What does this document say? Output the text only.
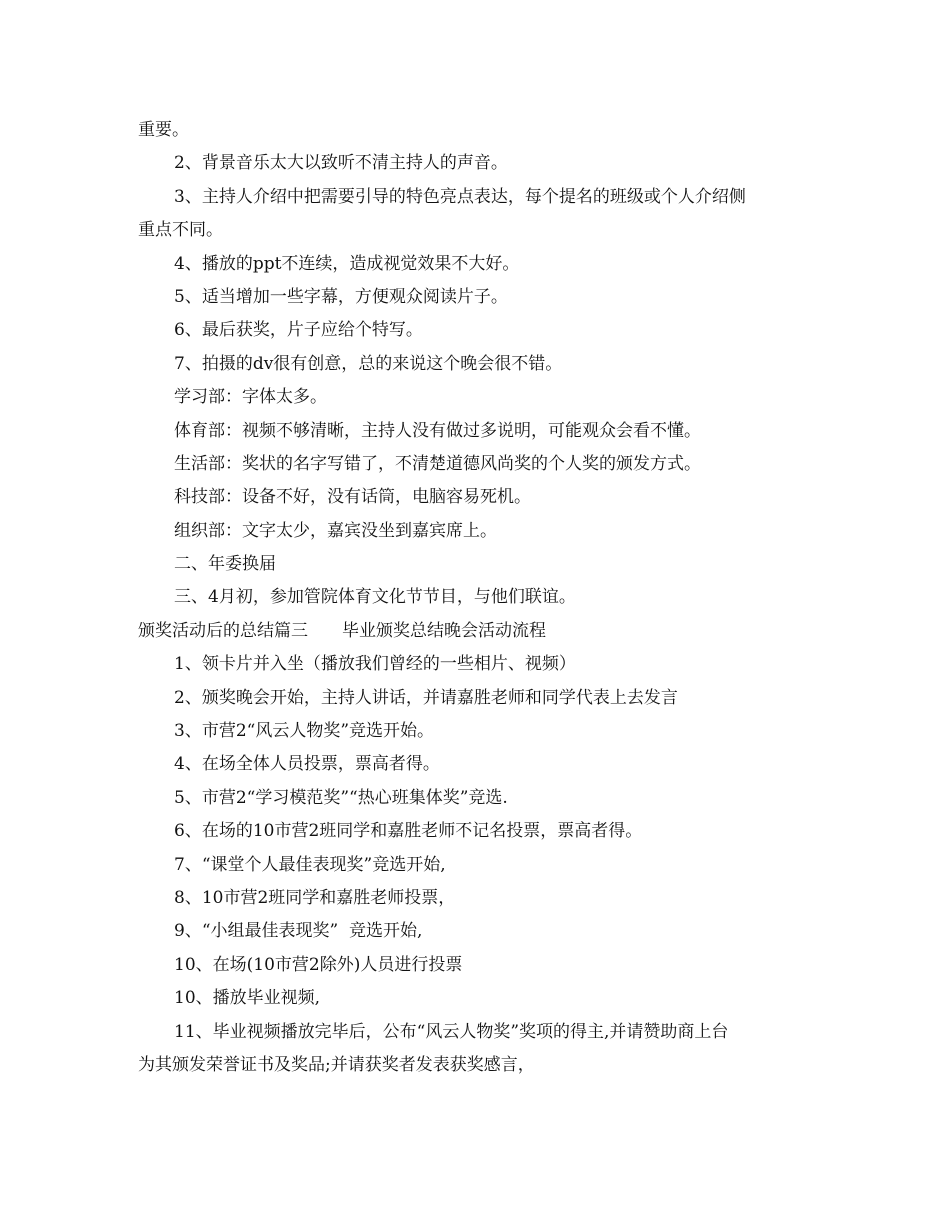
重要。
2、背景音乐太大以致听不清主持人的声音。
3、主持人介绍中把需要引导的特色亮点表达，每个提名的班级或个人介绍侧
重点不同。
4、播放的ppt不连续，造成视觉效果不大好。
5、适当增加一些字幕，方便观众阅读片子。
6、最后获奖，片子应给个特写。
7、拍摄的dv很有创意，总的来说这个晚会很不错。
学习部：字体太多。
体育部：视频不够清晰，主持人没有做过多说明，可能观众会看不懂。
生活部：奖状的名字写错了，不清楚道德风尚奖的个人奖的颁发方式。
科技部：设备不好，没有话筒，电脑容易死机。
组织部：文字太少，嘉宾没坐到嘉宾席上。
二、年委换届
三、4月初，参加管院体育文化节节目，与他们联谊。
颁奖活动后的总结篇三 毕业颁奖总结晚会活动流程
1、领卡片并入坐（播放我们曾经的一些相片、视频）
2、颁奖晚会开始，主持人讲话，并请嘉胜老师和同学代表上去发言
3、市营2“风云人物奖”竞选开始。
4、在场全体人员投票，票高者得。
5、市营2“学习模范奖”“热心班集体奖”竞选.
6、在场的10市营2班同学和嘉胜老师不记名投票，票高者得。
7、“课堂个人最佳表现奖”竞选开始,
8、10市营2班同学和嘉胜老师投票，
9、“小组最佳表现奖”  竞选开始,
10、在场(10市营2除外)人员进行投票
10、播放毕业视频,
11、毕业视频播放完毕后，公布“风云人物奖”奖项的得主,并请赞助商上台
为其颁发荣誉证书及奖品;并请获奖者发表获奖感言，
